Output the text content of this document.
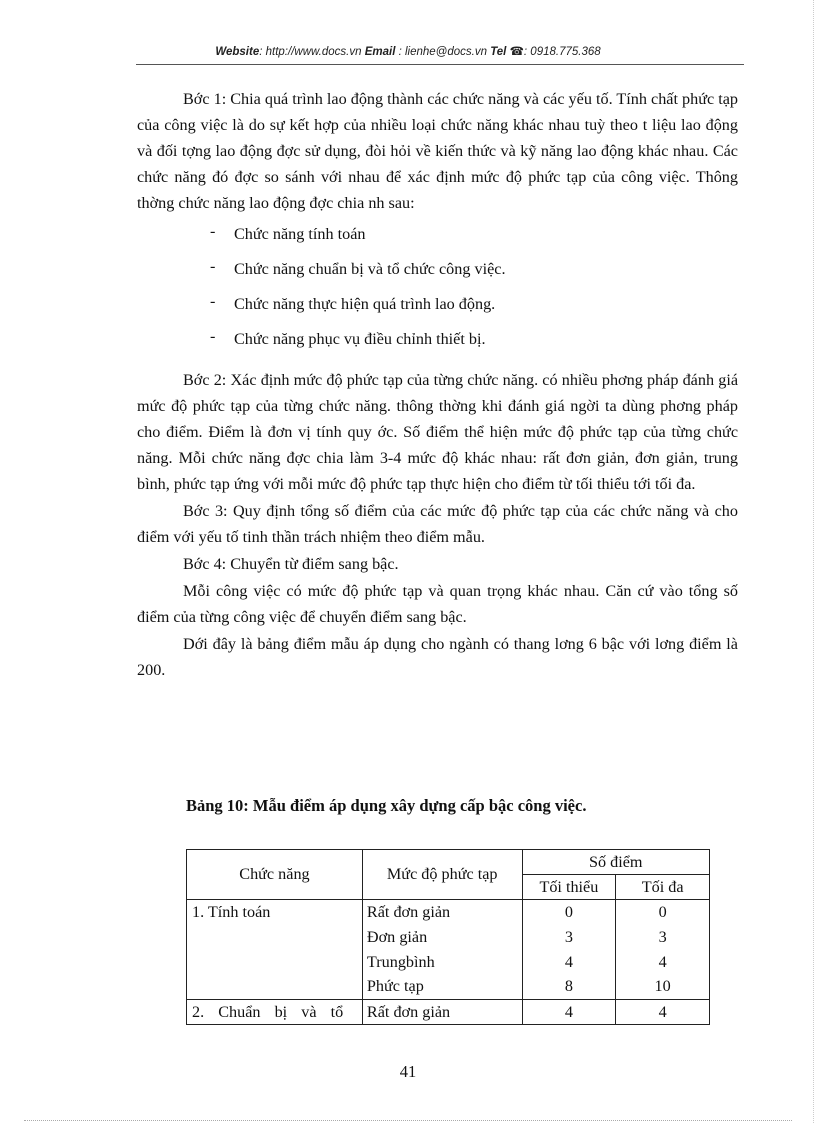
Website: http://www.docs.vn Email : lienhe@docs.vn Tel ☎: 0918.775.368

Bớc 1: Chia quá trình lao động thành các chức năng và các yếu tố. Tính chất phức tạp của công việc là do sự kết hợp của nhiều loại chức năng khác nhau tuỳ theo t liệu lao động và đối tợng lao động đợc sử dụng, đòi hỏi về kiến thức và kỹ năng lao động khác nhau. Các chức năng đó đợc so sánh với nhau để xác định mức độ phức tạp của công việc. Thông thờng chức năng lao động đợc chia nh sau:

- Chức năng tính toán
- Chức năng chuẩn bị và tổ chức công việc.
- Chức năng thực hiện quá trình lao động.
- Chức năng phục vụ điều chỉnh thiết bị.

Bớc 2: Xác định mức độ phức tạp của từng chức năng. có nhiều phơng pháp đánh giá mức độ phức tạp của từng chức năng. thông thờng khi đánh giá ngời ta dùng phơng pháp cho điểm. Điểm là đơn vị tính quy ớc. Số điểm thể hiện mức độ phức tạp của từng chức năng. Mỗi chức năng đợc chia làm 3-4 mức độ khác nhau: rất đơn giản, đơn giản, trung bình, phức tạp ứng với mỗi mức độ phức tạp thực hiện cho điểm từ tối thiểu tới tối đa.

Bớc 3: Quy định tổng số điểm của các mức độ phức tạp của các chức năng và cho điểm với yếu tố tinh thần trách nhiệm theo điểm mẫu.

Bớc 4: Chuyển từ điểm sang bậc.

Mỗi công việc có mức độ phức tạp và quan trọng khác nhau. Căn cứ vào tổng số điểm của từng công việc để chuyển điểm sang bậc.

Dới đây là bảng điểm mẫu áp dụng cho ngành có thang lơng 6 bậc với lơng điểm là 200.

Bảng 10: Mẫu điểm áp dụng xây dựng cấp bậc công việc.
Chức năng	Mức độ phức tạp	Số điểm	
		Tối thiểu	Tối đa
1. Tính toán	Rất đơn giản	0	0
	Đơn giản	3	3
	Trungbình	4	4
	Phức tạp	8	10
2.  Chuẩn  bị  và  tổ	Rất đơn giản	4	4
41
